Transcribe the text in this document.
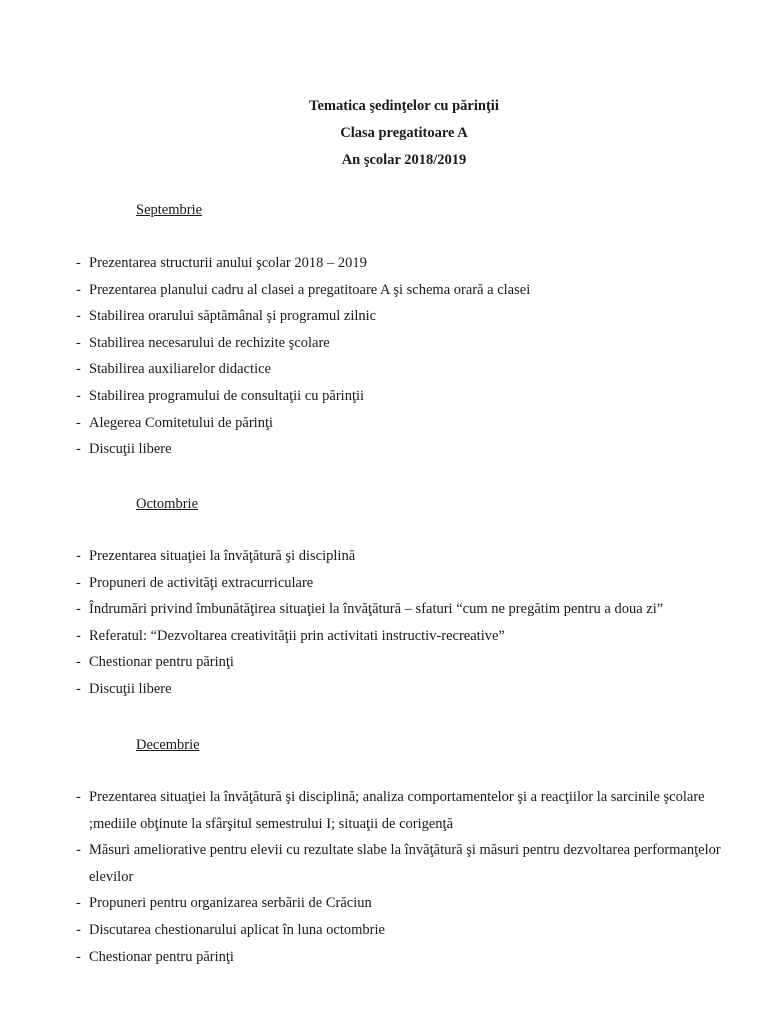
Tematica şedinţelor cu părinţii
Clasa pregatitoare A
An şcolar 2018/2019
Septembrie
- Prezentarea structurii anului şcolar 2018 – 2019
- Prezentarea planului cadru al clasei a pregatitoare A şi schema orară a clasei
- Stabilirea orarului săptămânal şi programul zilnic
- Stabilirea necesarului de rechizite şcolare
- Stabilirea auxiliarelor didactice
- Stabilirea programului de consultaţii cu părinţii
- Alegerea Comitetului de părinţi
- Discuţii libere
Octombrie
- Prezentarea situaţiei la învăţătură şi disciplină
- Propuneri de activităţi extracurriculare
- Îndrumări privind îmbunătăţirea situaţiei la învăţătură – sfaturi “cum ne pregătim pentru a doua zi”
- Referatul: “Dezvoltarea creativităţii prin activitati instructiv-recreative”
- Chestionar pentru părinţi
- Discuţii libere
Decembrie
- Prezentarea situaţiei la învăţătură şi disciplină; analiza comportamentelor şi a reacţiilor la sarcinile şcolare ;mediile obţinute la sfârşitul semestrului I; situaţii de corigenţă
- Măsuri ameliorative pentru elevii cu rezultate slabe la învăţătură şi măsuri pentru dezvoltarea performanţelor elevilor
- Propuneri pentru organizarea serbării de Crăciun
- Discutarea chestionarului aplicat în luna octombrie
- Chestionar pentru părinţi
